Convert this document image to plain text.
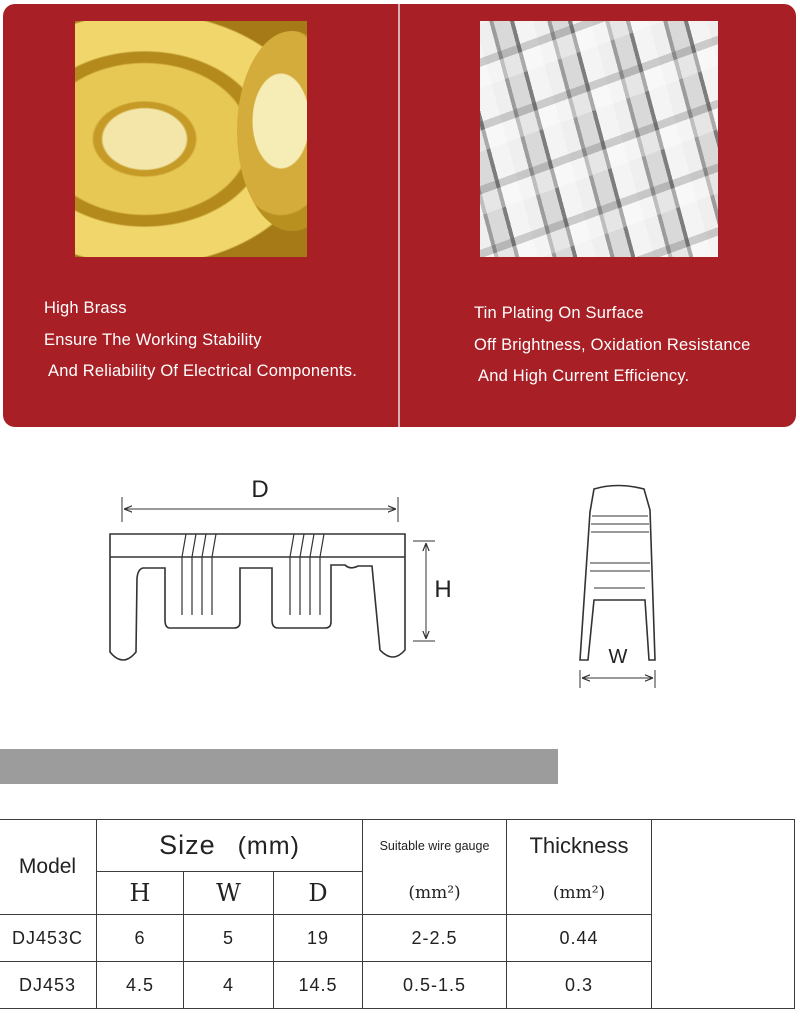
High Brass
Ensure The Working Stability
And Reliability Of Electrical Components.
Tin Plating On Surface
Off Brightness, Oxidation Resistance
And High Current Efficiency.
D
H
W
Model	Size (mm)			Suitable wire gauge	Thickness	
	H	W	D	(mm²)	(mm²)	
DJ453C	6	5	19	2-2.5	0.44	
DJ453	4.5	4	14.5	0.5-1.5	0.3	
